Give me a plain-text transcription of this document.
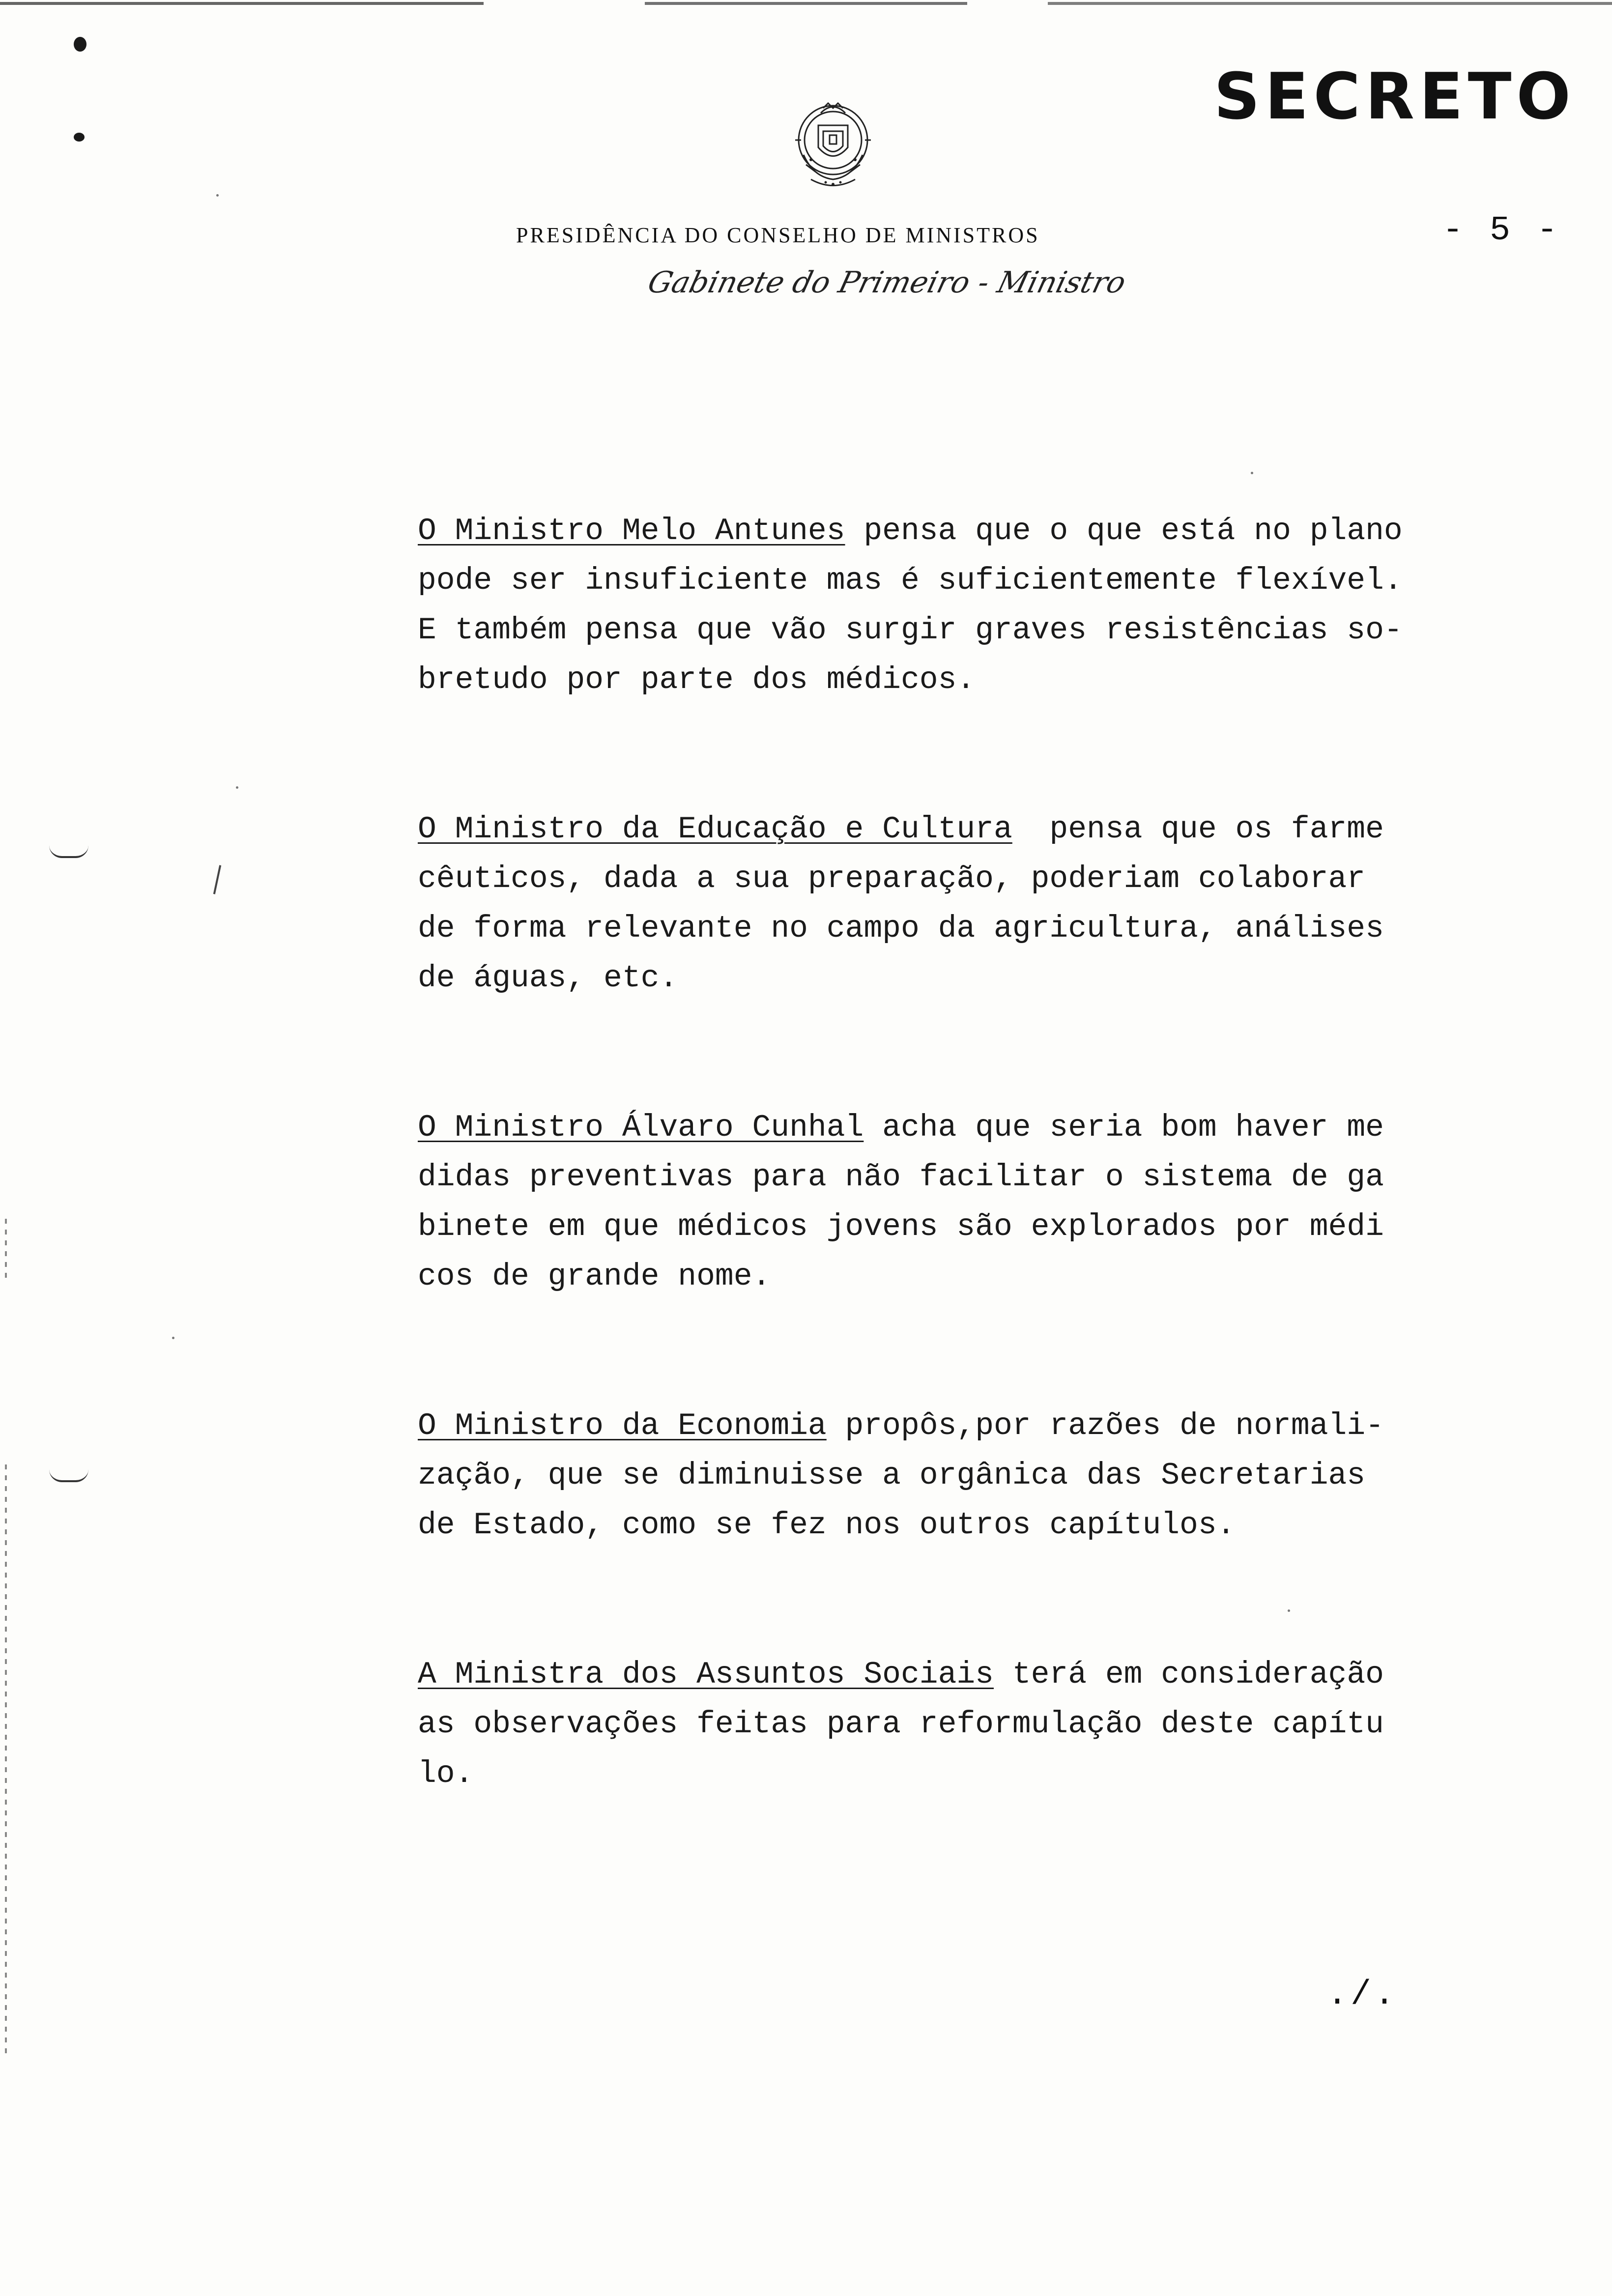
SECRETO
- 5 -
PRESIDÊNCIA DO CONSELHO DE MINISTROS
Gabinete do Primeiro - Ministro

O Ministro Melo Antunes pensa que o que está no plano
pode ser insuficiente mas é suficientemente flexível.
E também pensa que vão surgir graves resistências so-
bretudo por parte dos médicos.

O Ministro da Educação e Cultura  pensa que os farme
cêuticos, dada a sua preparação, poderiam colaborar
de forma relevante no campo da agricultura, análises
de águas, etc.

O Ministro Álvaro Cunhal acha que seria bom haver me
didas preventivas para não facilitar o sistema de ga
binete em que médicos jovens são explorados por médi
cos de grande nome.

O Ministro da Economia propôs,por razões de normali-
zação, que se diminuisse a orgânica das Secretarias
de Estado, como se fez nos outros capítulos.

A Ministra dos Assuntos Sociais terá em consideração
as observações feitas para reformulação deste capítu
lo.

./.
